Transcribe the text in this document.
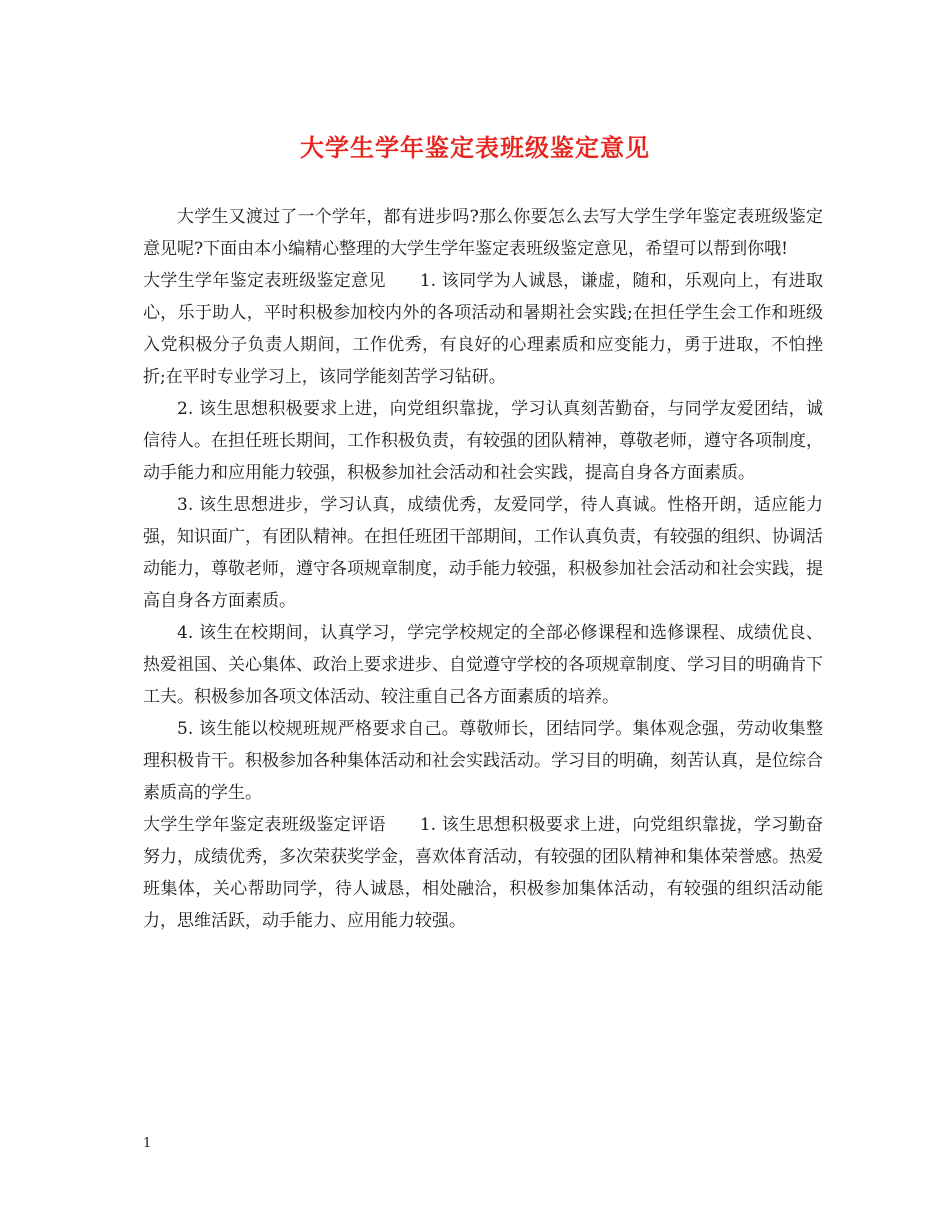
大学生学年鉴定表班级鉴定意见

大学生又渡过了一个学年，都有进步吗?那么你要怎么去写大学生学年鉴定表班级鉴定意见呢?下面由本小编精心整理的大学生学年鉴定表班级鉴定意见，希望可以帮到你哦!

大学生学年鉴定表班级鉴定意见 1. 该同学为人诚恳，谦虚，随和，乐观向上，有进取心，乐于助人，平时积极参加校内外的各项活动和暑期社会实践;在担任学生会工作和班级入党积极分子负责人期间，工作优秀，有良好的心理素质和应变能力，勇于进取，不怕挫折;在平时专业学习上，该同学能刻苦学习钻研。

2. 该生思想积极要求上进，向党组织靠拢，学习认真刻苦勤奋，与同学友爱团结，诚信待人。在担任班长期间，工作积极负责，有较强的团队精神，尊敬老师，遵守各项制度，动手能力和应用能力较强，积极参加社会活动和社会实践，提高自身各方面素质。

3. 该生思想进步，学习认真，成绩优秀，友爱同学，待人真诚。性格开朗，适应能力强，知识面广，有团队精神。在担任班团干部期间，工作认真负责，有较强的组织、协调活动能力，尊敬老师，遵守各项规章制度，动手能力较强，积极参加社会活动和社会实践，提高自身各方面素质。

4. 该生在校期间，认真学习，学完学校规定的全部必修课程和选修课程、成绩优良、热爱祖国、关心集体、政治上要求进步、自觉遵守学校的各项规章制度、学习目的明确肯下工夫。积极参加各项文体活动、较注重自己各方面素质的培养。

5. 该生能以校规班规严格要求自己。尊敬师长，团结同学。集体观念强，劳动收集整理积极肯干。积极参加各种集体活动和社会实践活动。学习目的明确，刻苦认真，是位综合素质高的学生。

大学生学年鉴定表班级鉴定评语 1. 该生思想积极要求上进，向党组织靠拢，学习勤奋努力，成绩优秀，多次荣获奖学金，喜欢体育活动，有较强的团队精神和集体荣誉感。热爱班集体，关心帮助同学，待人诚恳，相处融洽，积极参加集体活动，有较强的组织活动能力，思维活跃，动手能力、应用能力较强。

1
